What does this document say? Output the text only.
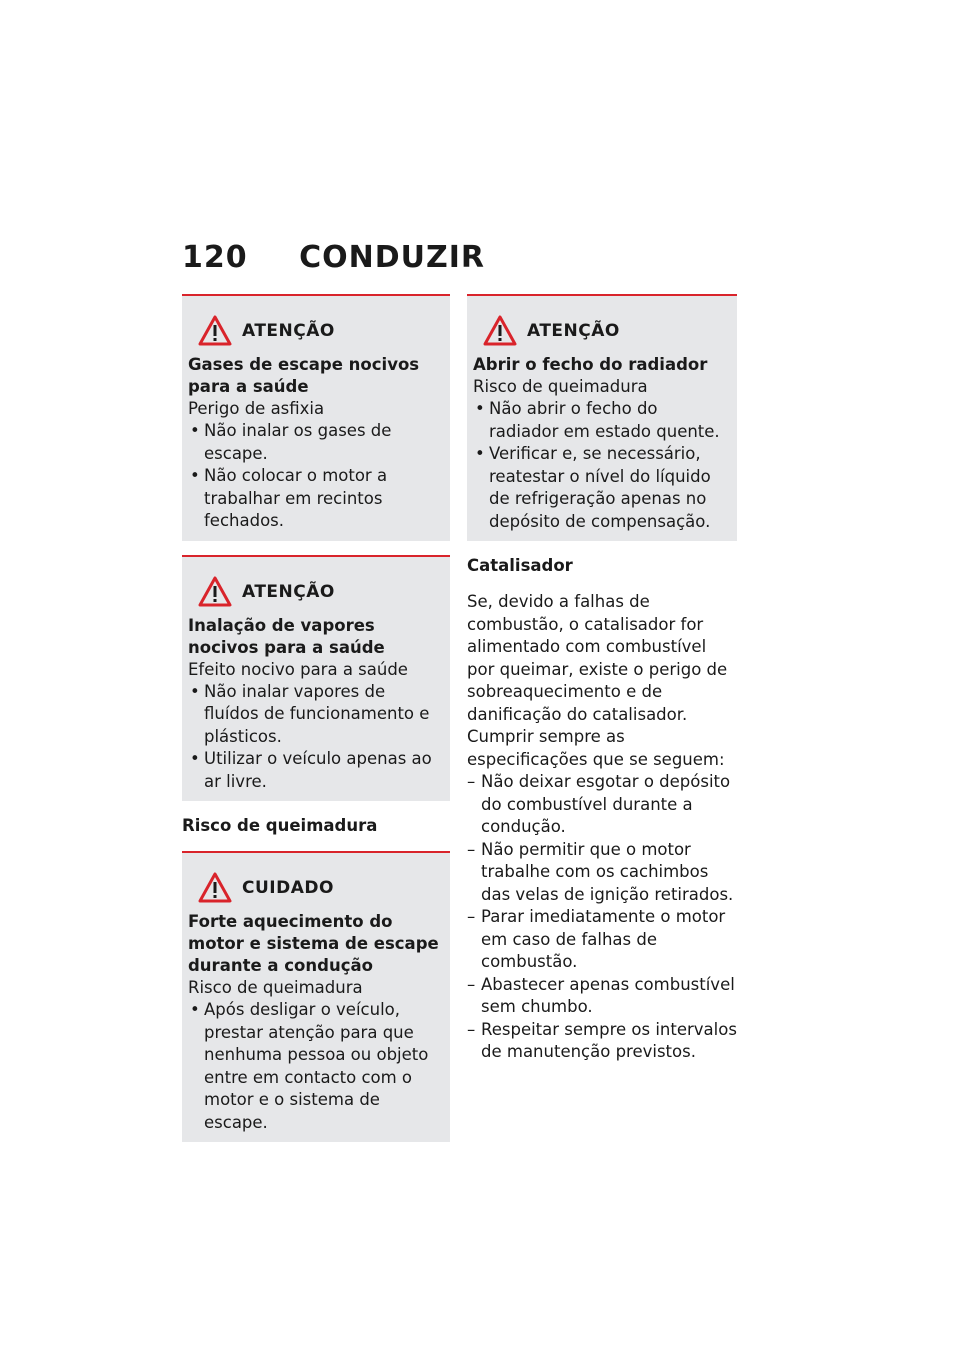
120 CONDUZIR
ATENÇÃO
Gases de escape nocivos para a saúde
Perigo de asfixia
• Não inalar os gases de escape.
• Não colocar o motor a trabalhar em recintos fechados.
ATENÇÃO
Inalação de vapores nocivos para a saúde
Efeito nocivo para a saúde
• Não inalar vapores de fluídos de funcionamento e plásticos.
• Utilizar o veículo apenas ao ar livre.
Risco de queimadura
CUIDADO
Forte aquecimento do motor e sistema de escape durante a condução
Risco de queimadura
• Após desligar o veículo, prestar atenção para que nenhuma pessoa ou objeto entre em contacto com o motor e o sistema de escape.
ATENÇÃO
Abrir o fecho do radiador
Risco de queimadura
• Não abrir o fecho do radiador em estado quente.
• Verificar e, se necessário, reatestar o nível do líquido de refrigeração apenas no depósito de compensação.
Catalisador
Se, devido a falhas de combustão, o catalisador for alimentado com combustível por queimar, existe o perigo de sobreaquecimento e de danificação do catalisador.
Cumprir sempre as especificações que se seguem:
– Não deixar esgotar o depósito do combustível durante a condução.
– Não permitir que o motor trabalhe com os cachimbos das velas de ignição retirados.
– Parar imediatamente o motor em caso de falhas de combustão.
– Abastecer apenas combustível sem chumbo.
– Respeitar sempre os intervalos de manutenção previstos.
